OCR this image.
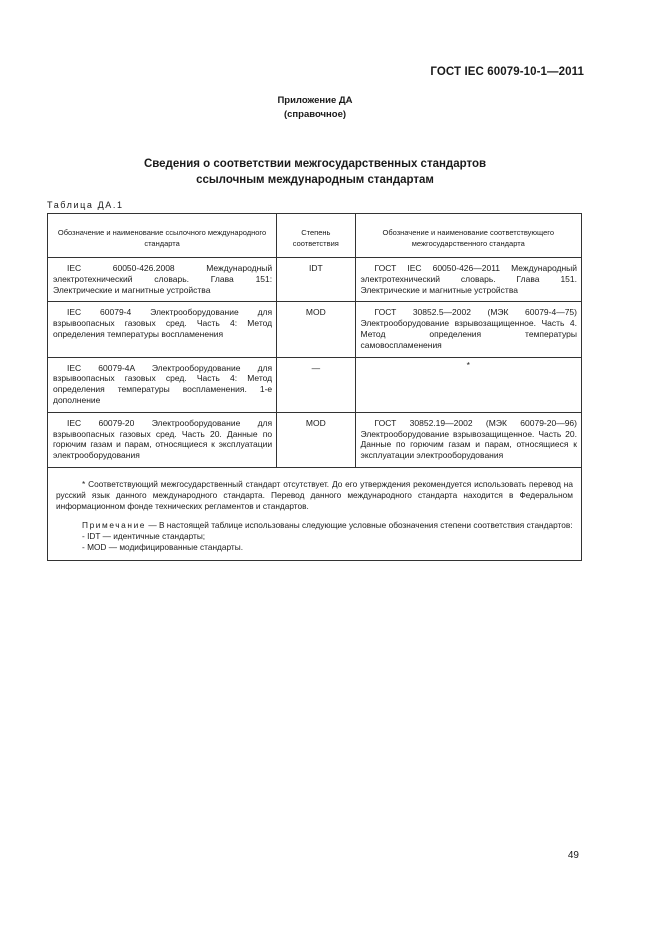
ГОСТ IEC 60079-10-1—2011
Приложение ДА
(справочное)
Сведения о соответствии межгосударственных стандартов
ссылочным международным стандартам
Таблица ДА.1
Обозначение и наименование ссылочного международного стандарта	Степень соответствия	Обозначение и наименование соответствующего межгосударственного стандарта
IEC 60050-426.2008 Международный электротехнический словарь. Глава 151: Электрические и магнитные устройства	IDT	ГОСТ IEC 60050-426—2011 Международный электротехнический словарь. Глава 151. Электрические и магнитные устройства
IEC 60079-4 Электрооборудование для взрывоопасных газовых сред. Часть 4: Метод определения температуры воспламенения	MOD	ГОСТ 30852.5—2002 (МЭК 60079-4—75) Электрооборудование взрывозащищенное. Часть 4. Метод определения температуры самовоспламенения
IEC 60079-4A Электрооборудование для взрывоопасных газовых сред. Часть 4: Метод определения температуры воспламенения. 1-е дополнение	—	*
IEC 60079-20 Электрооборудование для взрывоопасных газовых сред. Часть 20. Данные по горючим газам и парам, относящиеся к эксплуатации электрооборудования	MOD	ГОСТ 30852.19—2002 (МЭК 60079-20—96) Электрооборудование взрывозащищенное. Часть 20. Данные по горючим газам и парам, относящиеся к эксплуатации электрооборудования

* Соответствующий межгосударственный стандарт отсутствует. До его утверждения рекомендуется использовать перевод на русский язык данного международного стандарта. Перевод данного международного стандарта находится в Федеральном информационном фонде технических регламентов и стандартов.

Примечание — В настоящей таблице использованы следующие условные обозначения степени соответствия стандартов:

- IDT — идентичные стандарты;

- MOD — модифицированные стандарты.		

49
